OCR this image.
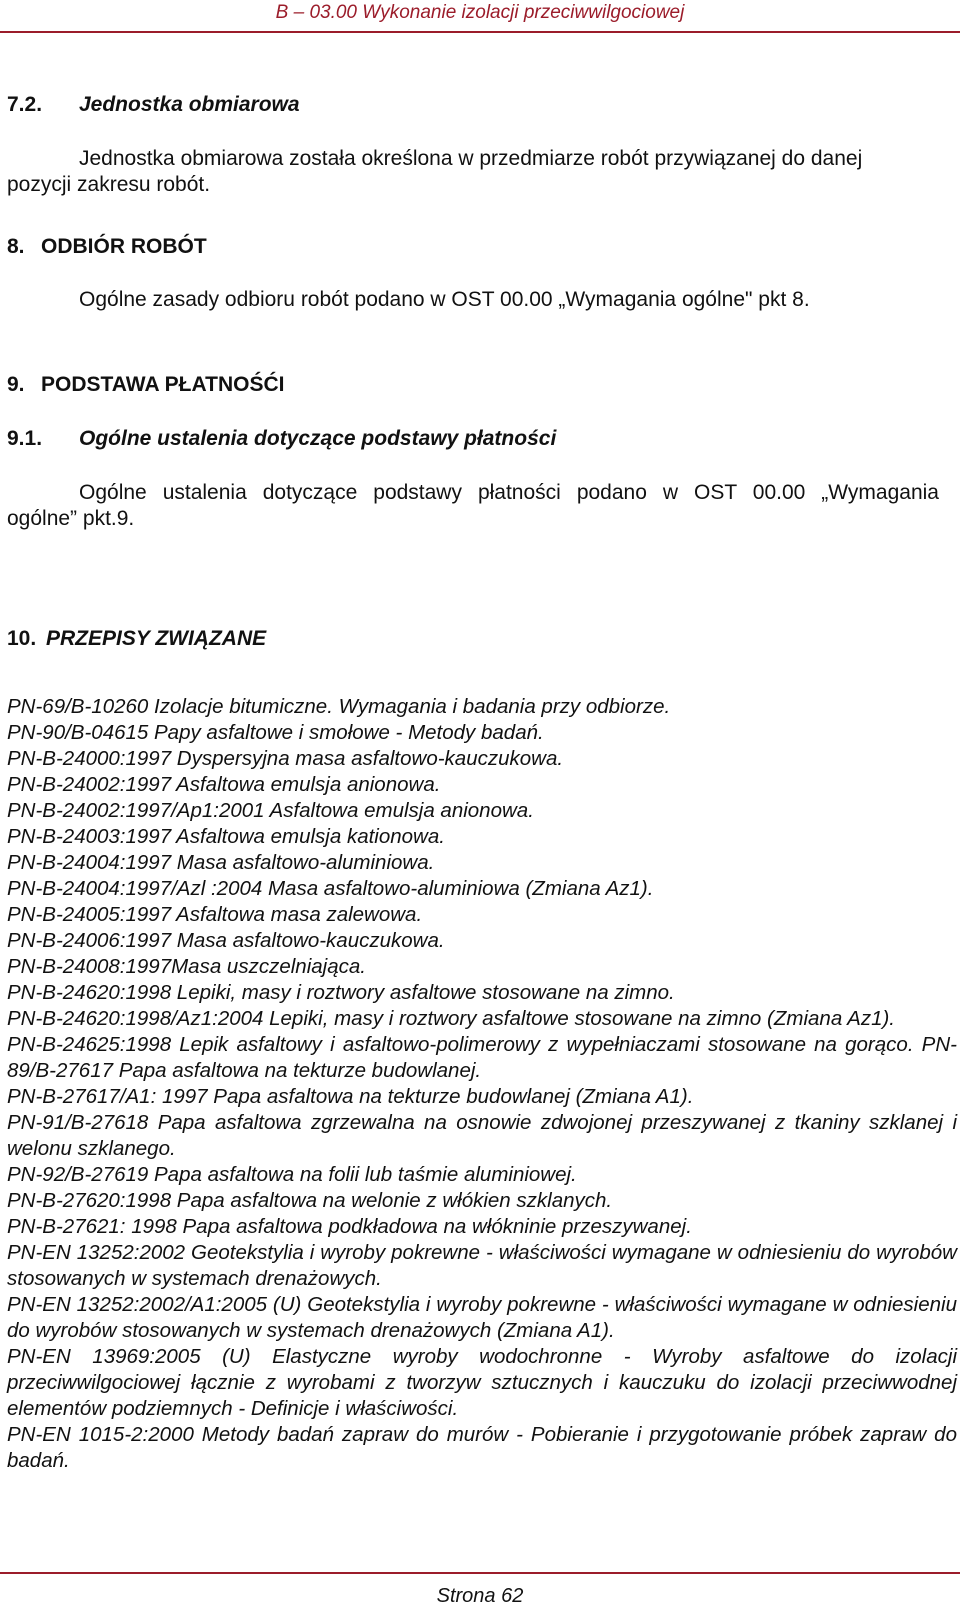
B – 03.00 Wykonanie izolacji przeciwwilgociowej
7.2. Jednostka obmiarowa
Jednostka obmiarowa została określona w przedmiarze robót przywiązanej do danej
pozycji zakresu robót.
8. ODBIÓR ROBÓT
Ogólne zasady odbioru robót podano w OST 00.00 „Wymagania ogólne" pkt 8.
9. PODSTAWA PŁATNOŚĆI
9.1. Ogólne ustalenia dotyczące podstawy płatności
Ogólne ustalenia dotyczące podstawy płatności podano w OST 00.00 „Wymagania
ogólne” pkt.9.
10. PRZEPISY ZWIĄZANE
PN-69/B-10260 Izolacje bitumiczne. Wymagania i badania przy odbiorze.
PN-90/B-04615 Papy asfaltowe i smołowe - Metody badań.
PN-B-24000:1997 Dyspersyjna masa asfaltowo-kauczukowa.
PN-B-24002:1997 Asfaltowa emulsja anionowa.
PN-B-24002:1997/Ap1:2001 Asfaltowa emulsja anionowa.
PN-B-24003:1997 Asfaltowa emulsja kationowa.
PN-B-24004:1997 Masa asfaltowo-aluminiowa.
PN-B-24004:1997/Azl :2004 Masa asfaltowo-aluminiowa (Zmiana Az1).
PN-B-24005:1997 Asfaltowa masa zalewowa.
PN-B-24006:1997 Masa asfaltowo-kauczukowa.
PN-B-24008:1997Masa uszczelniająca.
PN-B-24620:1998 Lepiki, masy i roztwory asfaltowe stosowane na zimno.
PN-B-24620:1998/Az1:2004 Lepiki, masy i roztwory asfaltowe stosowane na zimno (Zmiana Az1).
PN-B-24625:1998 Lepik asfaltowy i asfaltowo-polimerowy z wypełniaczami stosowane na gorąco. PN-89/B-27617 Papa asfaltowa na tekturze budowlanej.
PN-B-27617/A1: 1997 Papa asfaltowa na tekturze budowlanej (Zmiana A1).
PN-91/B-27618 Papa asfaltowa zgrzewalna na osnowie zdwojonej przeszywanej z tkaniny szklanej i welonu szklanego.
PN-92/B-27619 Papa asfaltowa na folii lub taśmie aluminiowej.
PN-B-27620:1998 Papa asfaltowa na welonie z włókien szklanych.
PN-B-27621: 1998 Papa asfaltowa podkładowa na włókninie przeszywanej.
PN-EN 13252:2002 Geotekstylia i wyroby pokrewne - właściwości wymagane w odniesieniu do wyrobów stosowanych w systemach drenażowych.
PN-EN 13252:2002/A1:2005 (U) Geotekstylia i wyroby pokrewne - właściwości wymagane w odniesieniu do wyrobów stosowanych w systemach drenażowych (Zmiana A1).
PN-EN 13969:2005 (U) Elastyczne wyroby wodochronne - Wyroby asfaltowe do izolacji przeciwwilgociowej łącznie z wyrobami z tworzyw sztucznych i kauczuku do izolacji przeciwwodnej elementów podziemnych - Definicje i właściwości.
PN-EN 1015-2:2000 Metody badań zapraw do murów - Pobieranie i przygotowanie próbek zapraw do badań.
Strona 62
